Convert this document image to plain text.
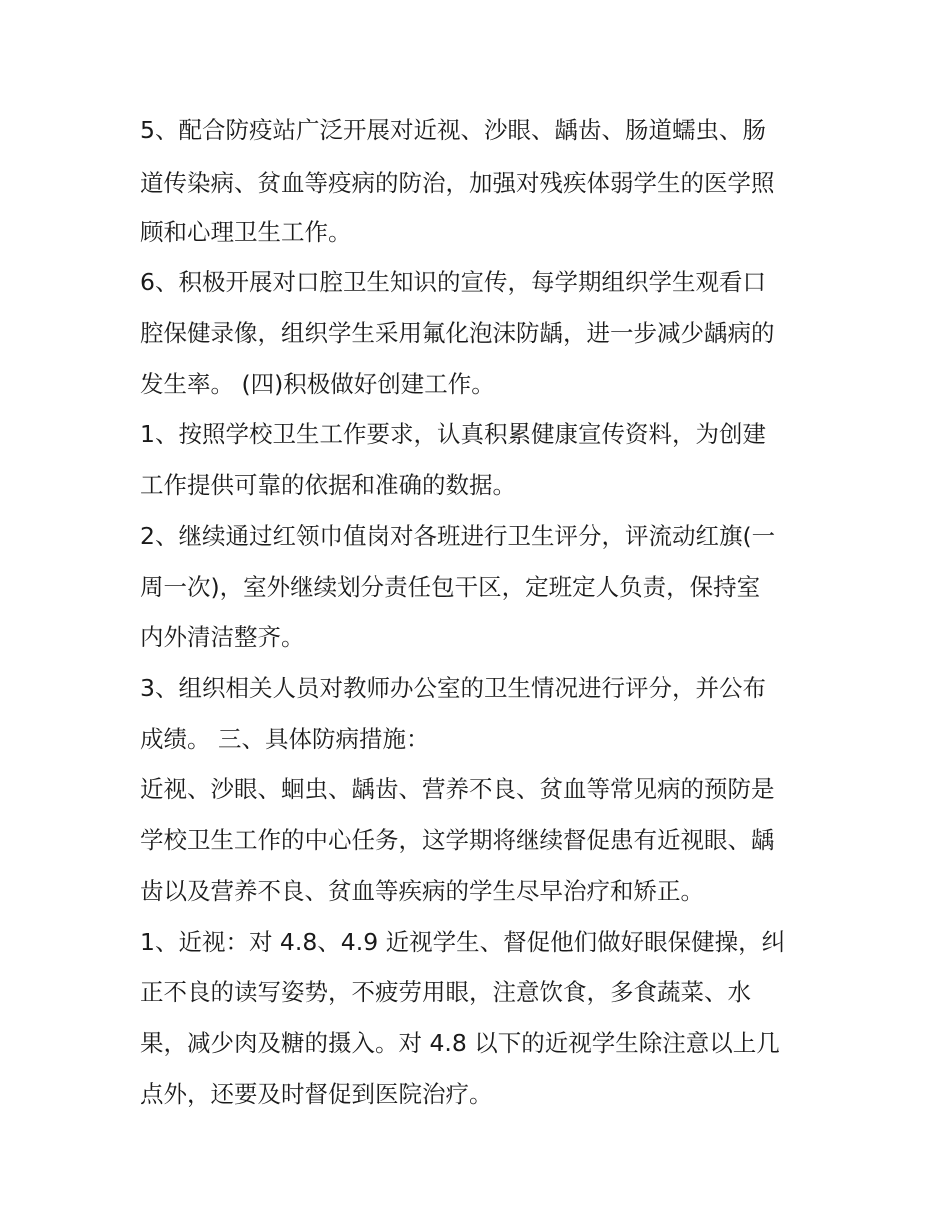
5、配合防疫站广泛开展对近视、沙眼、龋齿、肠道蠕虫、肠

道传染病、贫血等疫病的防治，加强对残疾体弱学生的医学照

顾和心理卫生工作。

6、积极开展对口腔卫生知识的宣传，每学期组织学生观看口

腔保健录像，组织学生采用氟化泡沫防龋，进一步减少龋病的

发生率。 (四)积极做好创建工作。

1、按照学校卫生工作要求，认真积累健康宣传资料，为创建

工作提供可靠的依据和准确的数据。

2、继续通过红领巾值岗对各班进行卫生评分，评流动红旗(一

周一次)，室外继续划分责任包干区，定班定人负责，保持室

内外清洁整齐。

3、组织相关人员对教师办公室的卫生情况进行评分，并公布

成绩。 三、具体防病措施：

近视、沙眼、蛔虫、龋齿、营养不良、贫血等常见病的预防是

学校卫生工作的中心任务，这学期将继续督促患有近视眼、龋

齿以及营养不良、贫血等疾病的学生尽早治疗和矫正。

1、近视：对 4.8、4.9 近视学生、督促他们做好眼保健操，纠

正不良的读写姿势，不疲劳用眼，注意饮食，多食蔬菜、水

果，减少肉及糖的摄入。对 4.8 以下的近视学生除注意以上几

点外，还要及时督促到医院治疗。
